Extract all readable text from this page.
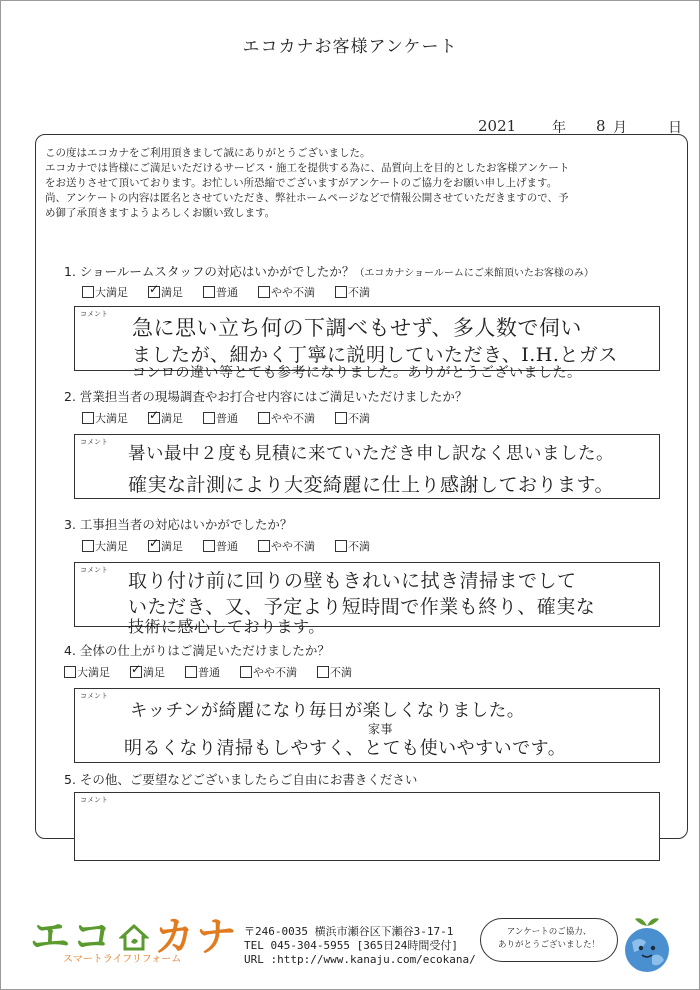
エコカナお客様アンケート
2021	年 8 月	日
この度はエコカナをご利用頂きまして誠にありがとうございました。
エコカナでは皆様にご満足いただけるサービス・施工を提供する為に、品質向上を目的としたお客様アンケート
をお送りさせて頂いております。お忙しい所恐縮でございますがアンケートのご協力をお願い申し上げます。
尚、アンケートの内容は匿名とさせていただき、弊社ホームページなどで情報公開させていただきますので、予
め御了承頂きますようよろしくお願い致します。
1. ショールームスタッフの対応はいかがでしたか？（エコカナショールームにご来館頂いたお客様のみ）
大満足 ✓	満足	普通	やや不満	不満
コメント
急に思い立ち何の下調べもせず、多人数で伺い
ましたが、細かく丁寧に説明していただき、I.H.とガス
コンロの違い等とても参考になりました。ありがとうございました。
2. 営業担当者の現場調査やお打合せ内容にはご満足いただけましたか？
大満足 ✓	満足	普通	やや不満	不満
コメント
暑い最中２度も見積に来ていただき申し訳なく思いました。
確実な計測により大変綺麗に仕上り感謝しております。
3. 工事担当者の対応はいかがでしたか？
大満足 ✓	満足	普通	やや不満	不満
コメント 取り付け前に回りの壁もきれいに拭き清掃までして
いただき、又、予定より短時間で作業も終り、確実な
技術に感心しております。
4. 全体の仕上がりはご満足いただけましたか？
大満足 ✓	満足	普通	やや不満	不満
コメント
キッチンが綺麗になり毎日が楽しくなりました。
家事
明るくなり清掃もしやすく、とても使いやすいです。
5. その他、ご要望などございましたらご自由にお書きください
コメント
エコ カナ
スマートライフリフォーム
〒246-0035 横浜市瀬谷区下瀬谷3-17-1
TEL 045-304-5955 [365日24時間受付]
URL :http://www.kanaju.com/ecokana/
アンケートのご協力、
ありがとうございました！
